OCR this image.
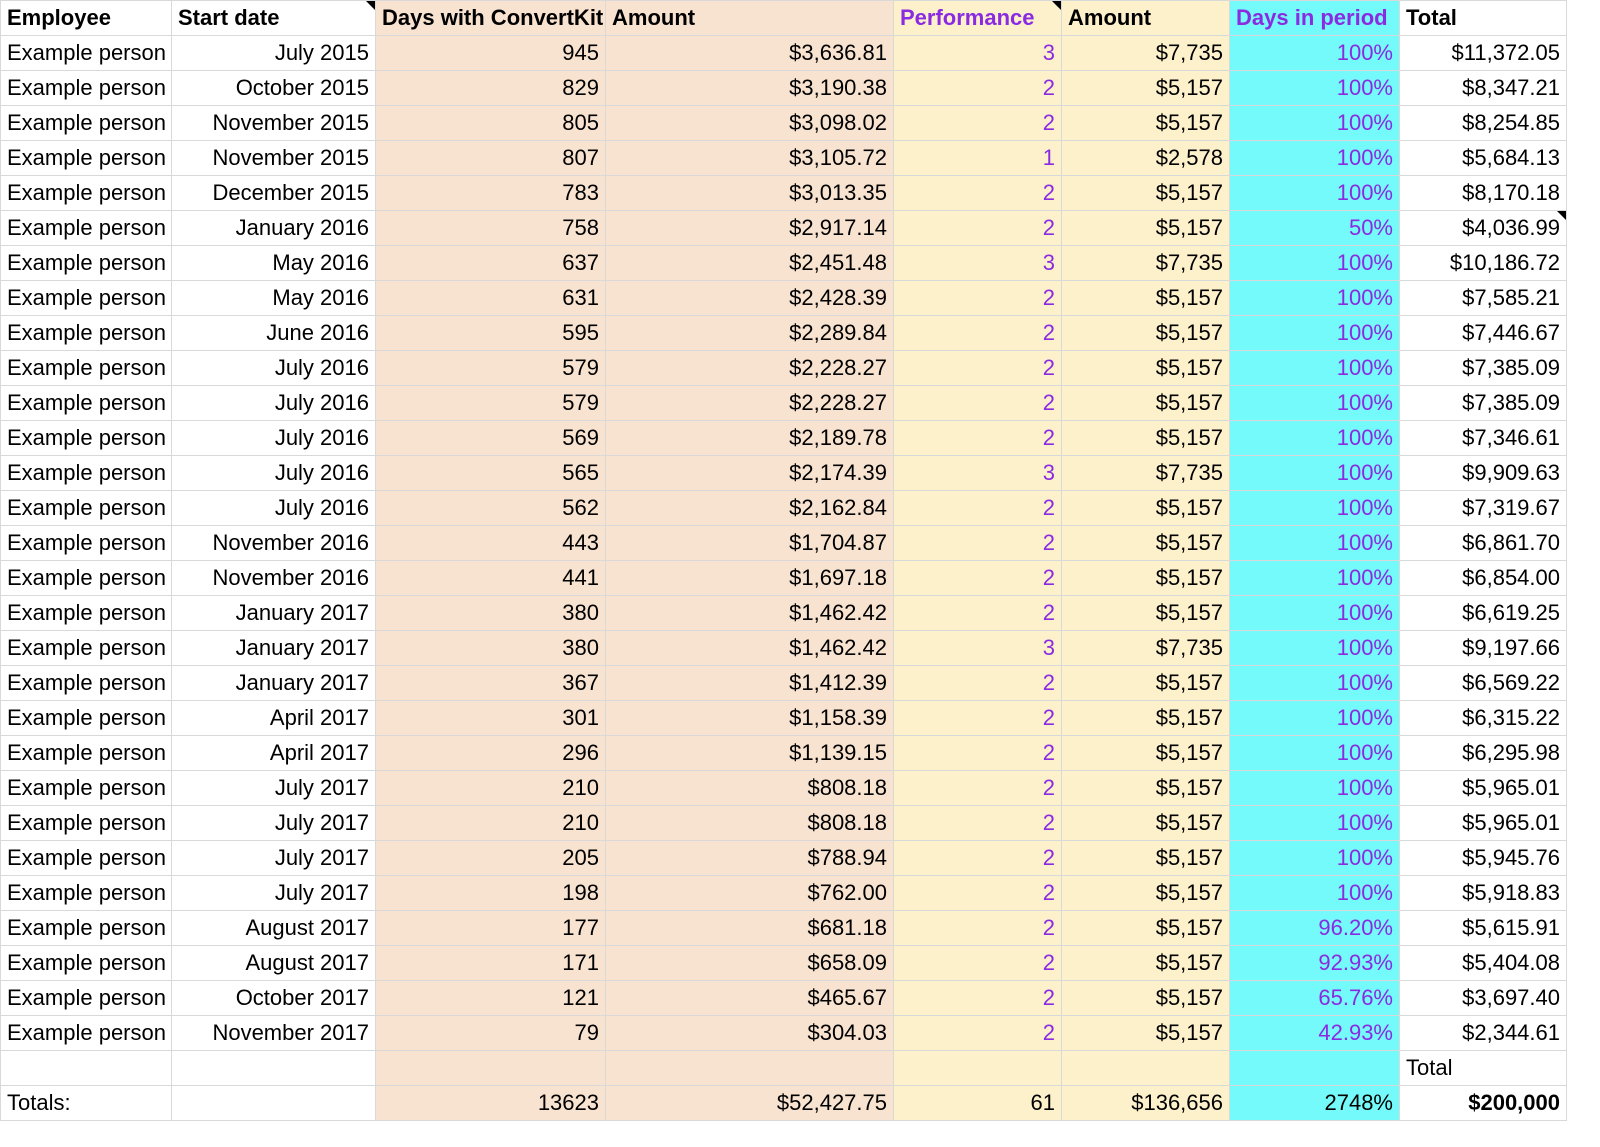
Employee	Start date	Days with ConvertKit	Amount	Performance	Amount	Days in period	Total
Example person	July 2015	945	$3,636.81	3	$7,735	100%	$11,372.05
Example person	October 2015	829	$3,190.38	2	$5,157	100%	$8,347.21
Example person	November 2015	805	$3,098.02	2	$5,157	100%	$8,254.85
Example person	November 2015	807	$3,105.72	1	$2,578	100%	$5,684.13
Example person	December 2015	783	$3,013.35	2	$5,157	100%	$8,170.18
Example person	January 2016	758	$2,917.14	2	$5,157	50%	$4,036.99
Example person	May 2016	637	$2,451.48	3	$7,735	100%	$10,186.72
Example person	May 2016	631	$2,428.39	2	$5,157	100%	$7,585.21
Example person	June 2016	595	$2,289.84	2	$5,157	100%	$7,446.67
Example person	July 2016	579	$2,228.27	2	$5,157	100%	$7,385.09
Example person	July 2016	579	$2,228.27	2	$5,157	100%	$7,385.09
Example person	July 2016	569	$2,189.78	2	$5,157	100%	$7,346.61
Example person	July 2016	565	$2,174.39	3	$7,735	100%	$9,909.63
Example person	July 2016	562	$2,162.84	2	$5,157	100%	$7,319.67
Example person	November 2016	443	$1,704.87	2	$5,157	100%	$6,861.70
Example person	November 2016	441	$1,697.18	2	$5,157	100%	$6,854.00
Example person	January 2017	380	$1,462.42	2	$5,157	100%	$6,619.25
Example person	January 2017	380	$1,462.42	3	$7,735	100%	$9,197.66
Example person	January 2017	367	$1,412.39	2	$5,157	100%	$6,569.22
Example person	April 2017	301	$1,158.39	2	$5,157	100%	$6,315.22
Example person	April 2017	296	$1,139.15	2	$5,157	100%	$6,295.98
Example person	July 2017	210	$808.18	2	$5,157	100%	$5,965.01
Example person	July 2017	210	$808.18	2	$5,157	100%	$5,965.01
Example person	July 2017	205	$788.94	2	$5,157	100%	$5,945.76
Example person	July 2017	198	$762.00	2	$5,157	100%	$5,918.83
Example person	August 2017	177	$681.18	2	$5,157	96.20%	$5,615.91
Example person	August 2017	171	$658.09	2	$5,157	92.93%	$5,404.08
Example person	October 2017	121	$465.67	2	$5,157	65.76%	$3,697.40
Example person	November 2017	79	$304.03	2	$5,157	42.93%	$2,344.61
							Total
Totals:		13623	$52,427.75	61	$136,656	2748%	$200,000
